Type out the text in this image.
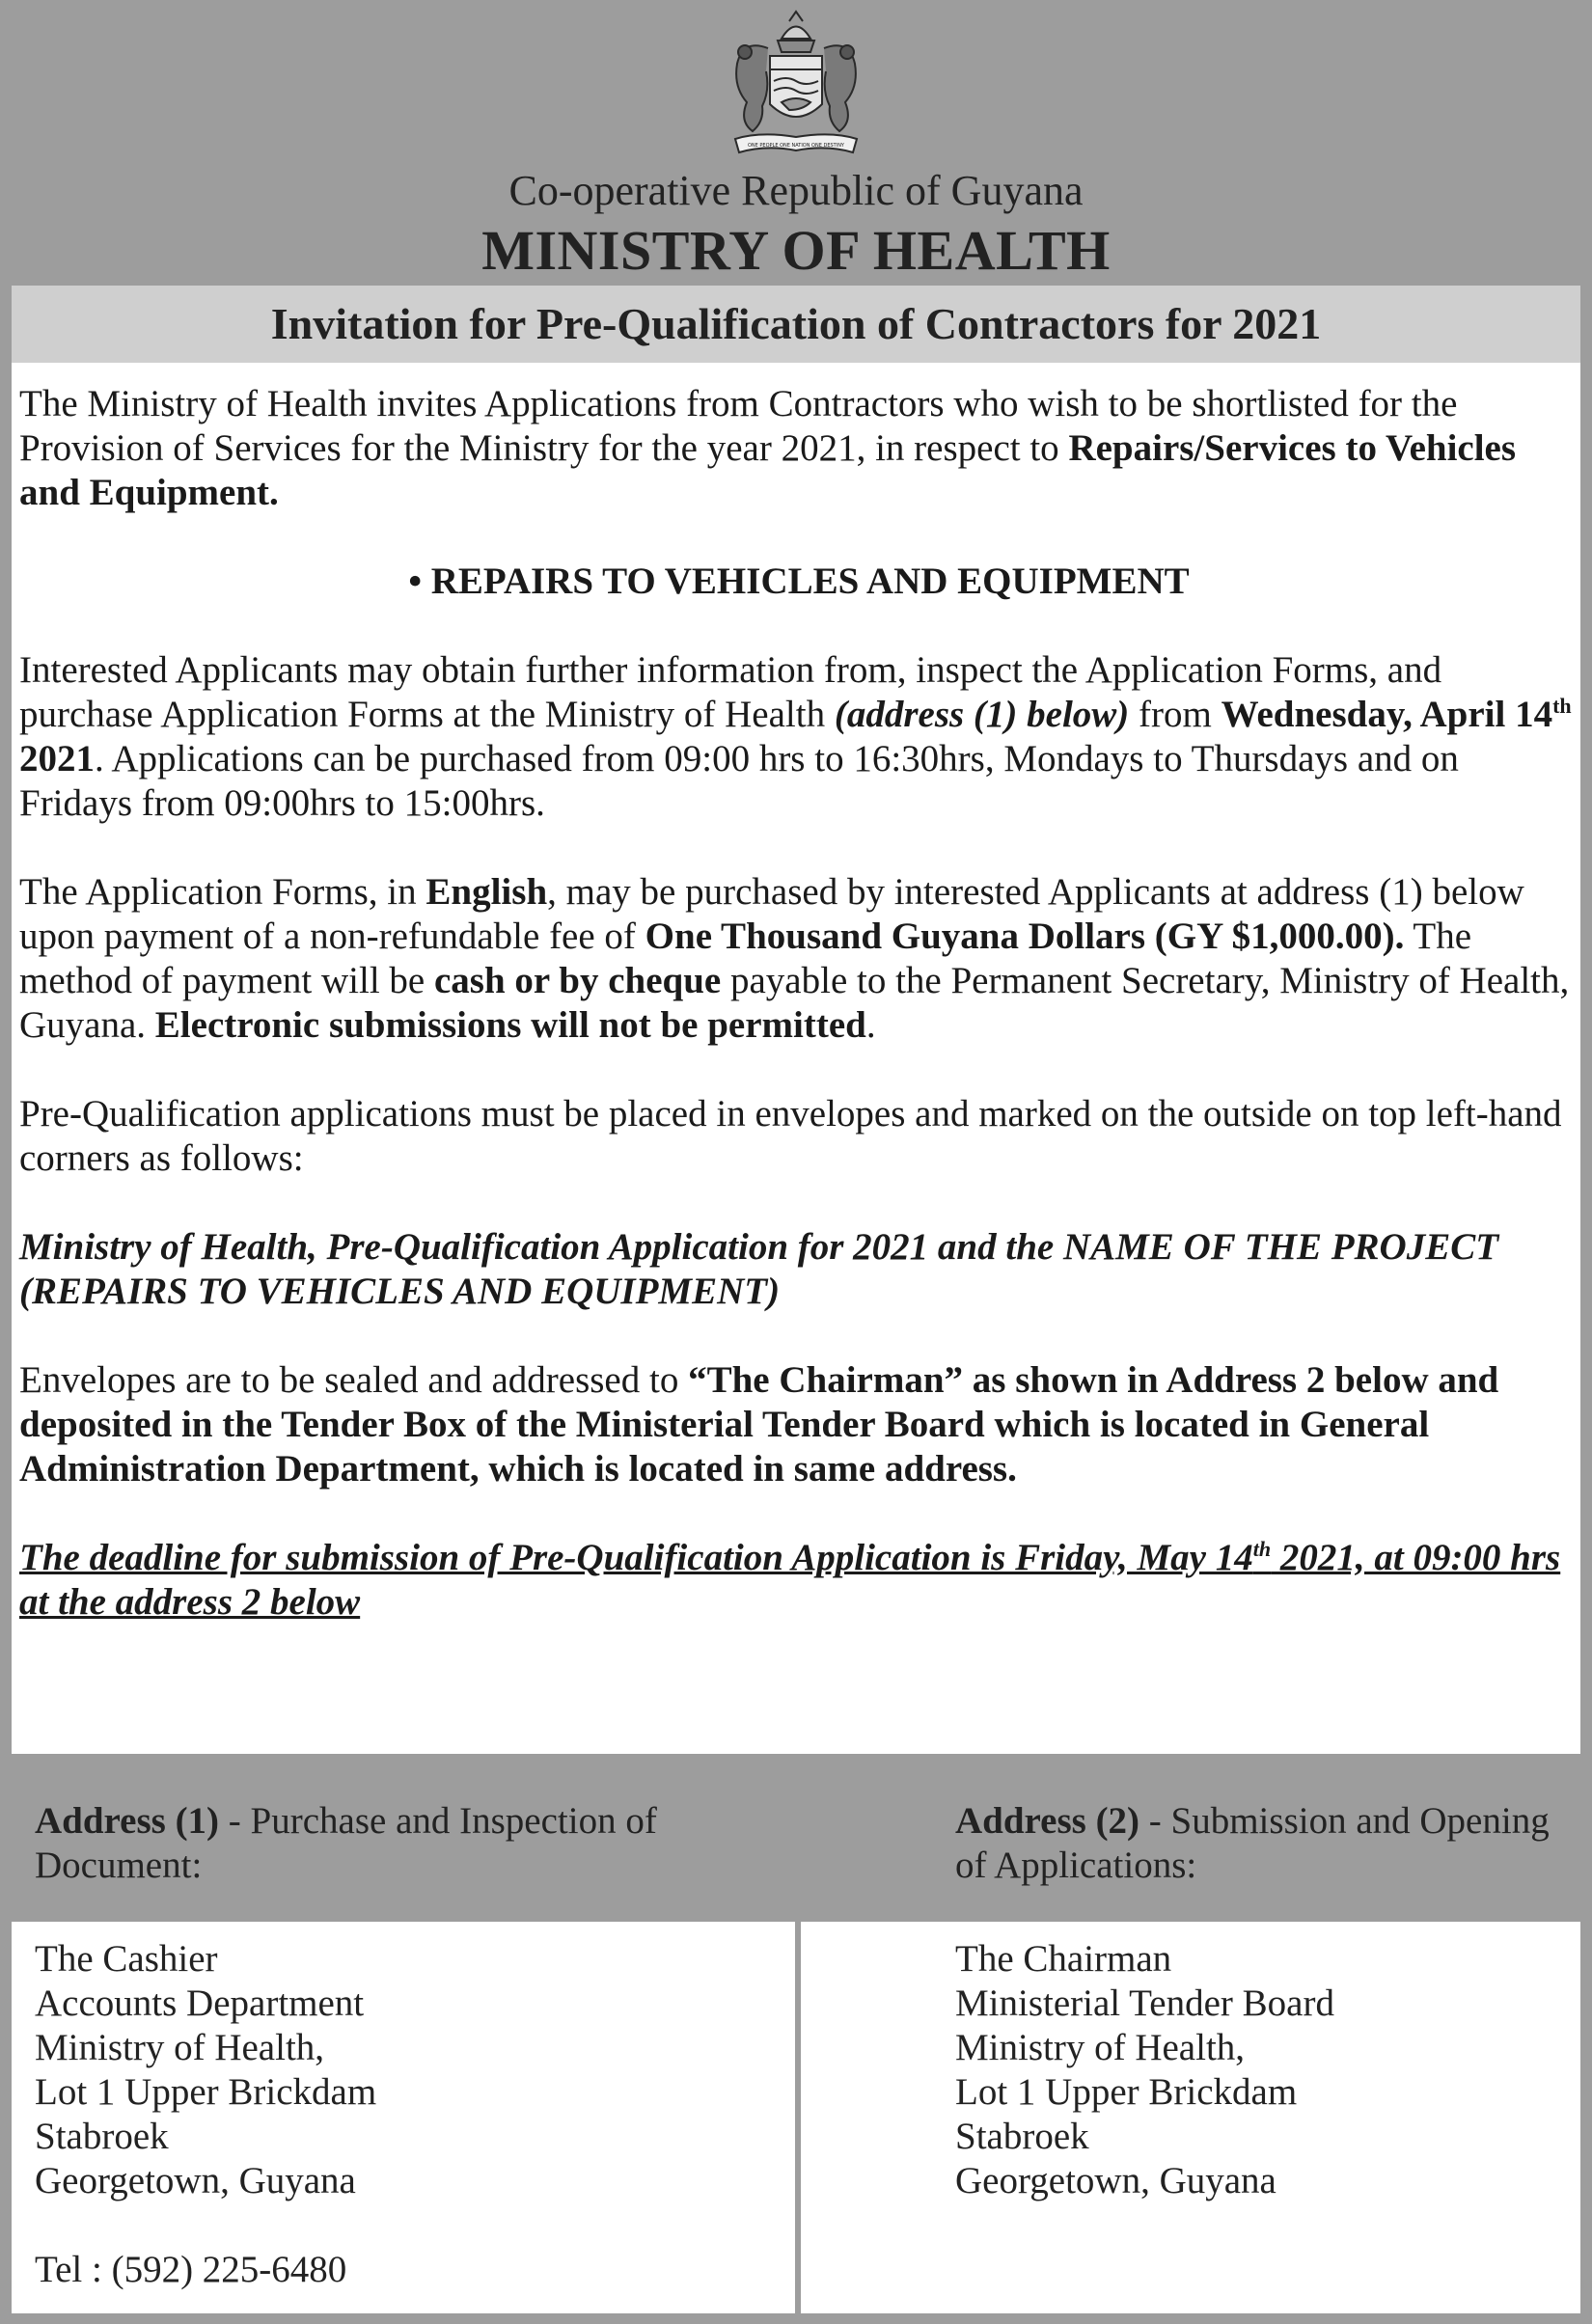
ONE PEOPLE ONE NATION ONE DESTINY
Co-operative Republic of Guyana
MINISTRY OF HEALTH
Invitation for Pre-Qualification of Contractors for 2021

The Ministry of Health invites Applications from Contractors who wish to be shortlisted for the Provision of Services for the Ministry for the year 2021, in respect to Repairs/Services to Vehicles and Equipment.

• REPAIRS TO VEHICLES AND EQUIPMENT

Interested Applicants may obtain further information from, inspect the Application Forms, and purchase Application Forms at the Ministry of Health (address (1) below) from Wednesday, April 14th 2021. Applications can be purchased from 09:00 hrs to 16:30hrs, Mondays to Thursdays and on Fridays from 09:00hrs to 15:00hrs.

The Application Forms, in English, may be purchased by interested Applicants at address (1) below upon payment of a non-refundable fee of One Thousand Guyana Dollars (GY $1,000.00). The method of payment will be cash or by cheque payable to the Permanent Secretary, Ministry of Health, Guyana. Electronic submissions will not be permitted.

Pre-Qualification applications must be placed in envelopes and marked on the outside on top left-hand corners as follows:

Ministry of Health, Pre-Qualification Application for 2021 and the NAME OF THE PROJECT (REPAIRS TO VEHICLES AND EQUIPMENT)

Envelopes are to be sealed and addressed to “The Chairman” as shown in Address 2 below and deposited in the Tender Box of the Ministerial Tender Board which is located in General Administration Department, which is located in same address.

The deadline for submission of Pre-Qualification Application is Friday, May 14th 2021, at 09:00 hrs at the address 2 below

Address (1) - Purchase and Inspection of Document:
Address (2) - Submission and Opening of Applications:
The Cashier
Accounts Department
Ministry of Health,
Lot 1 Upper Brickdam
Stabroek
Georgetown, Guyana
Tel : (592) 225-6480
The Chairman
Ministerial Tender Board
Ministry of Health,
Lot 1 Upper Brickdam
Stabroek
Georgetown, Guyana
